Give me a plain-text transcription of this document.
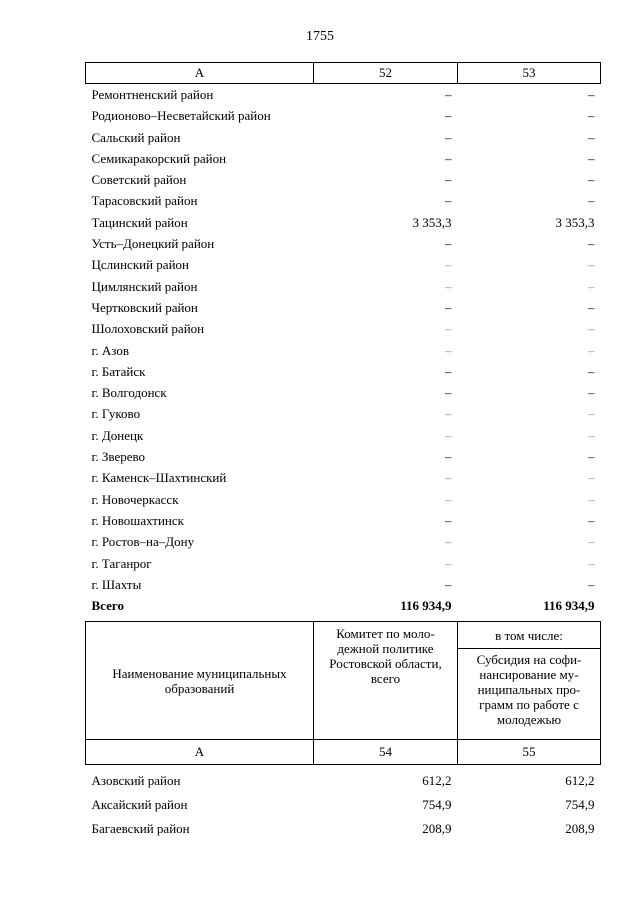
1755
А	52	53
Ремонтненский район	–	–
Родионово–Несветайский район	–	–
Сальский район	–	–
Семикаракорский район	–	–
Советский район	–	–
Тарасовский район	–	–
Тацинский район	3 353,3	3 353,3
Усть–Донецкий район	–	–
Цслинский район	–	–
Цимлянский район	–	–
Чертковский район	–	–
Шолоховский район	–	–
г. Азов	–	–
г. Батайск	–	–
г. Волгодонск	–	–
г. Гуково	–	–
г. Донецк	–	–
г. Зверево	–	–
г. Каменск–Шахтинский	–	–
г. Новочеркасск	–	–
г. Новошахтинск	–	–
г. Ростов–на–Дону	–	–
г. Таганрог	–	–
г. Шахты	–	–
Всего	116 934,9	116 934,9
Наименование муниципальных образований	Комитет по моло-дежной политике Ростовской области, всего	в том числе:
		Субсидия на софи-нансирование му-ниципальных про-грамм по работе с молодежью
А	54	55

Азовский район	612,2	612,2
Аксайский район	754,9	754,9
Багаевский район	208,9	208,9
